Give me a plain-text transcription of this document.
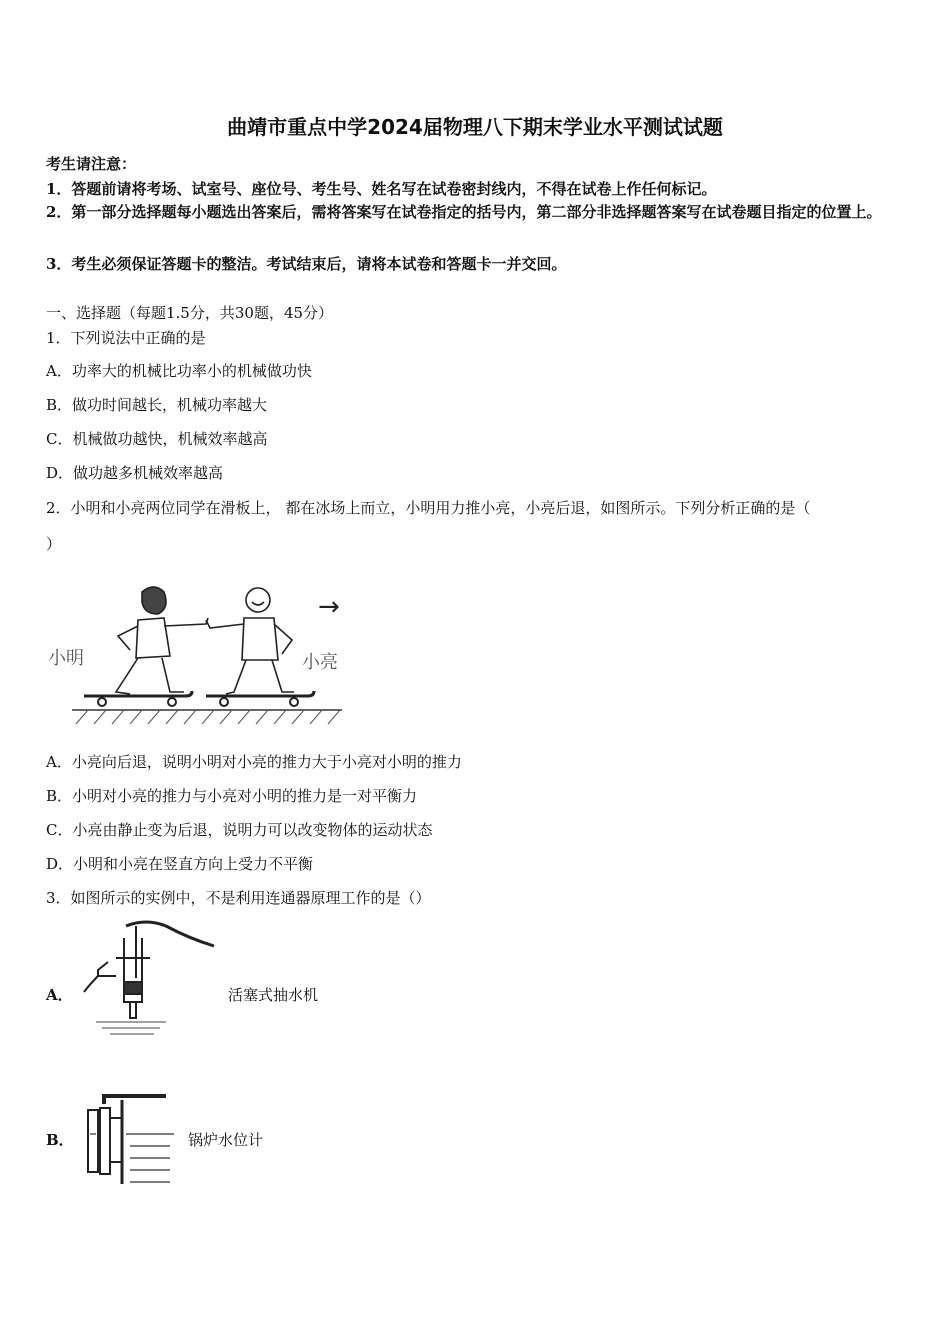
曲靖市重点中学2024届物理八下期末学业水平测试试题
考生请注意：
1．答题前请将考场、试室号、座位号、考生号、姓名写在试卷密封线内，不得在试卷上作任何标记。
2．第一部分选择题每小题选出答案后，需将答案写在试卷指定的括号内，第二部分非选择题答案写在试卷题目指定的位置上。
3．考生必须保证答题卡的整洁。考试结束后，请将本试卷和答题卡一并交回。
一、选择题（每题1.5分，共30题，45分）
1．下列说法中正确的是
A．功率大的机械比功率小的机械做功快
B．做功时间越长，机械功率越大
C．机械做功越快，机械效率越高
D．做功越多机械效率越高
2．小明和小亮两位同学在滑板上， 都在冰场上而立，小明用力推小亮，小亮后退，如图所示。下列分析正确的是（
）
小明	小亮
→
A．小亮向后退，说明小明对小亮的推力大于小亮对小明的推力
B．小明对小亮的推力与小亮对小明的推力是一对平衡力
C．小亮由静止变为后退，说明力可以改变物体的运动状态
D．小明和小亮在竖直方向上受力不平衡
3．如图所示的实例中，不是利用连通器原理工作的是（）
A．	活塞式抽水机
B．	锅炉水位计
